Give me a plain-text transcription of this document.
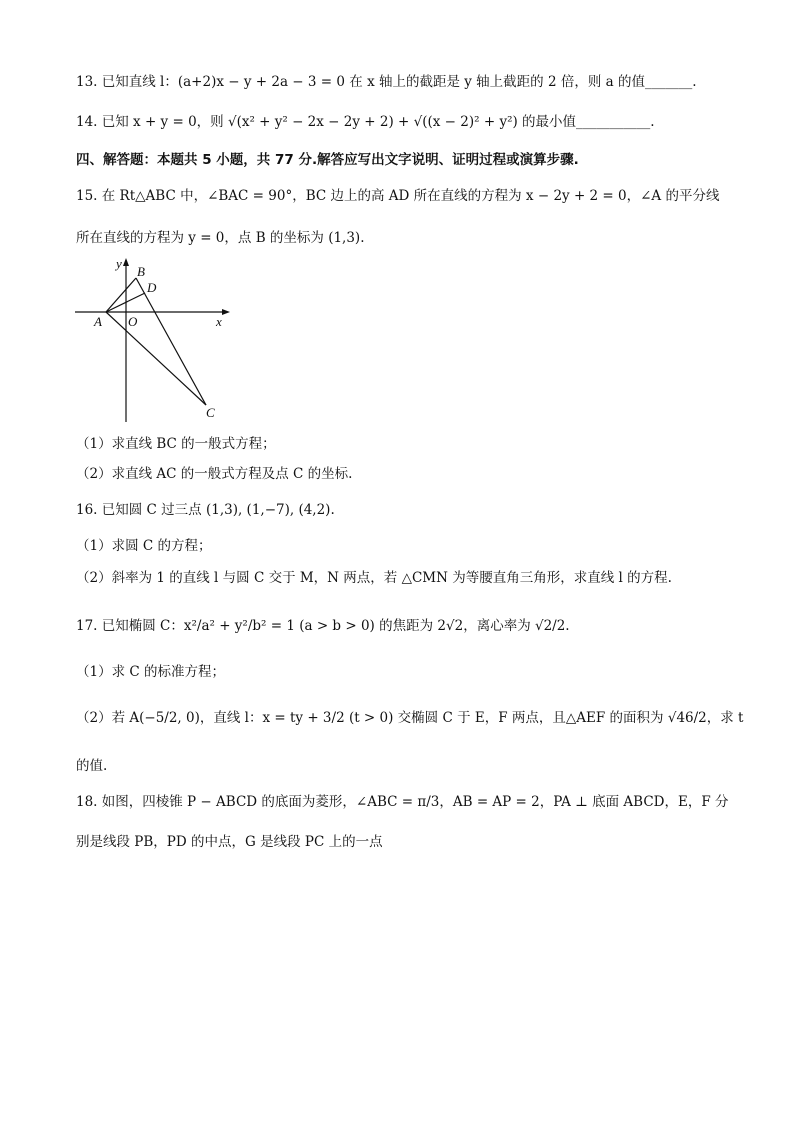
13. 已知直线 l：(a+2)x − y + 2a − 3 = 0 在 x 轴上的截距是 y 轴上截距的 2 倍，则 a 的值_______.
14. 已知 x + y = 0，则 √(x² + y² − 2x − 2y + 2) + √((x − 2)² + y²) 的最小值___________.
四、解答题：本题共 5 小题，共 77 分.解答应写出文字说明、证明过程或演算步骤.
15. 在 Rt△ABC 中，∠BAC = 90°，BC 边上的高 AD 所在直线的方程为 x − 2y + 2 = 0，∠A 的平分线
所在直线的方程为 y = 0，点 B 的坐标为 (1,3).
y
x
A O
B
D
C
（1）求直线 BC 的一般式方程；
（2）求直线 AC 的一般式方程及点 C 的坐标.
16. 已知圆 C 过三点 (1,3), (1,−7), (4,2).
（1）求圆 C 的方程；
（2）斜率为 1 的直线 l 与圆 C 交于 M，N 两点，若 △CMN 为等腰直角三角形，求直线 l 的方程.
17. 已知椭圆 C：x²/a² + y²/b² = 1 (a > b > 0) 的焦距为 2√2，离心率为 √2/2.
（1）求 C 的标准方程；
（2）若 A(−5/2, 0)，直线 l：x = ty + 3/2 (t > 0) 交椭圆 C 于 E，F 两点，且△AEF 的面积为 √46/2，求 t
的值.
18. 如图，四棱锥 P − ABCD 的底面为菱形，∠ABC = π/3，AB = AP = 2，PA ⊥ 底面 ABCD，E，F 分
别是线段 PB，PD 的中点，G 是线段 PC 上的一点
